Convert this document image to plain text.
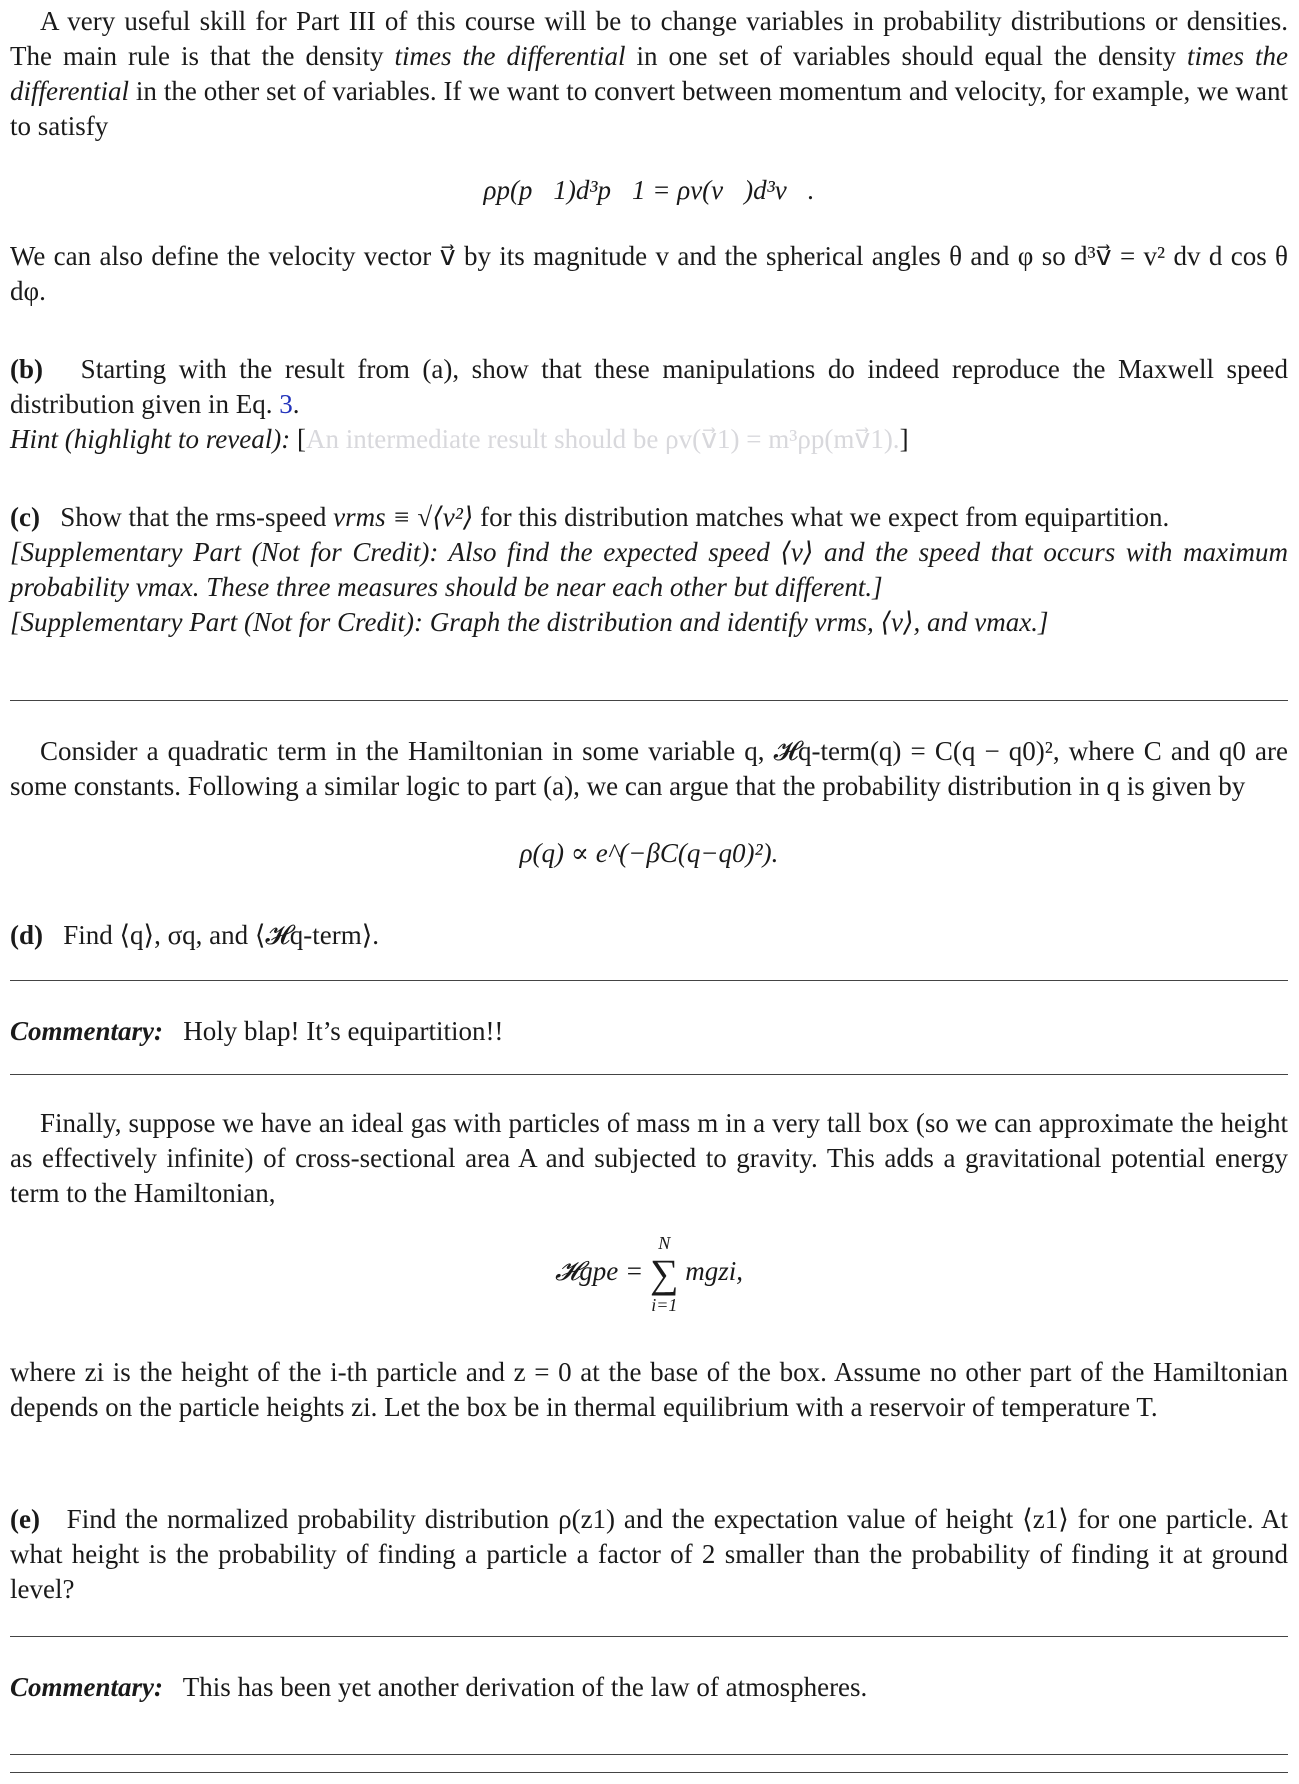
A very useful skill for Part III of this course will be to change variables in probability distributions or densities. The main rule is that the density times the differential in one set of variables should equal the density times the differential in the other set of variables. If we want to convert between momentum and velocity, for example, we want to satisfy

ρp(p⃗1)d³p⃗1 = ρv(v⃗)d³v⃗.

We can also define the velocity vector v⃗ by its magnitude v and the spherical angles θ and φ so d³v⃗ = v² dv d cos θ dφ.

(b) Starting with the result from (a), show that these manipulations do indeed reproduce the Maxwell speed distribution given in Eq. 3.

Hint (highlight to reveal): [An intermediate result should be ρv(v⃗1) = m³ρp(mv⃗1).]

(c) Show that the rms-speed vrms ≡ √⟨v²⟩ for this distribution matches what we expect from equipartition.

[Supplementary Part (Not for Credit): Also find the expected speed ⟨v⟩ and the speed that occurs with maximum probability vmax. These three measures should be near each other but different.]

[Supplementary Part (Not for Credit): Graph the distribution and identify vrms, ⟨v⟩, and vmax.]

Consider a quadratic term in the Hamiltonian in some variable q, 𝓗q-term(q) = C(q − q0)², where C and q0 are some constants. Following a similar logic to part (a), we can argue that the probability distribution in q is given by

ρ(q) ∝ e^(−βC(q−q0)²).

(d) Find ⟨q⟩, σq, and ⟨𝓗q-term⟩.

Commentary: Holy blap! It’s equipartition!!

Finally, suppose we have an ideal gas with particles of mass m in a very tall box (so we can approximate the height as effectively infinite) of cross-sectional area A and subjected to gravity. This adds a gravitational potential energy term to the Hamiltonian,

𝓗gpe =
N
∑
i=1
mgzi,

where zi is the height of the i-th particle and z = 0 at the base of the box. Assume no other part of the Hamiltonian depends on the particle heights zi. Let the box be in thermal equilibrium with a reservoir of temperature T.

(e) Find the normalized probability distribution ρ(z1) and the expectation value of height ⟨z1⟩ for one particle. At what height is the probability of finding a particle a factor of 2 smaller than the probability of finding it at ground level?

Commentary: This has been yet another derivation of the law of atmospheres.
